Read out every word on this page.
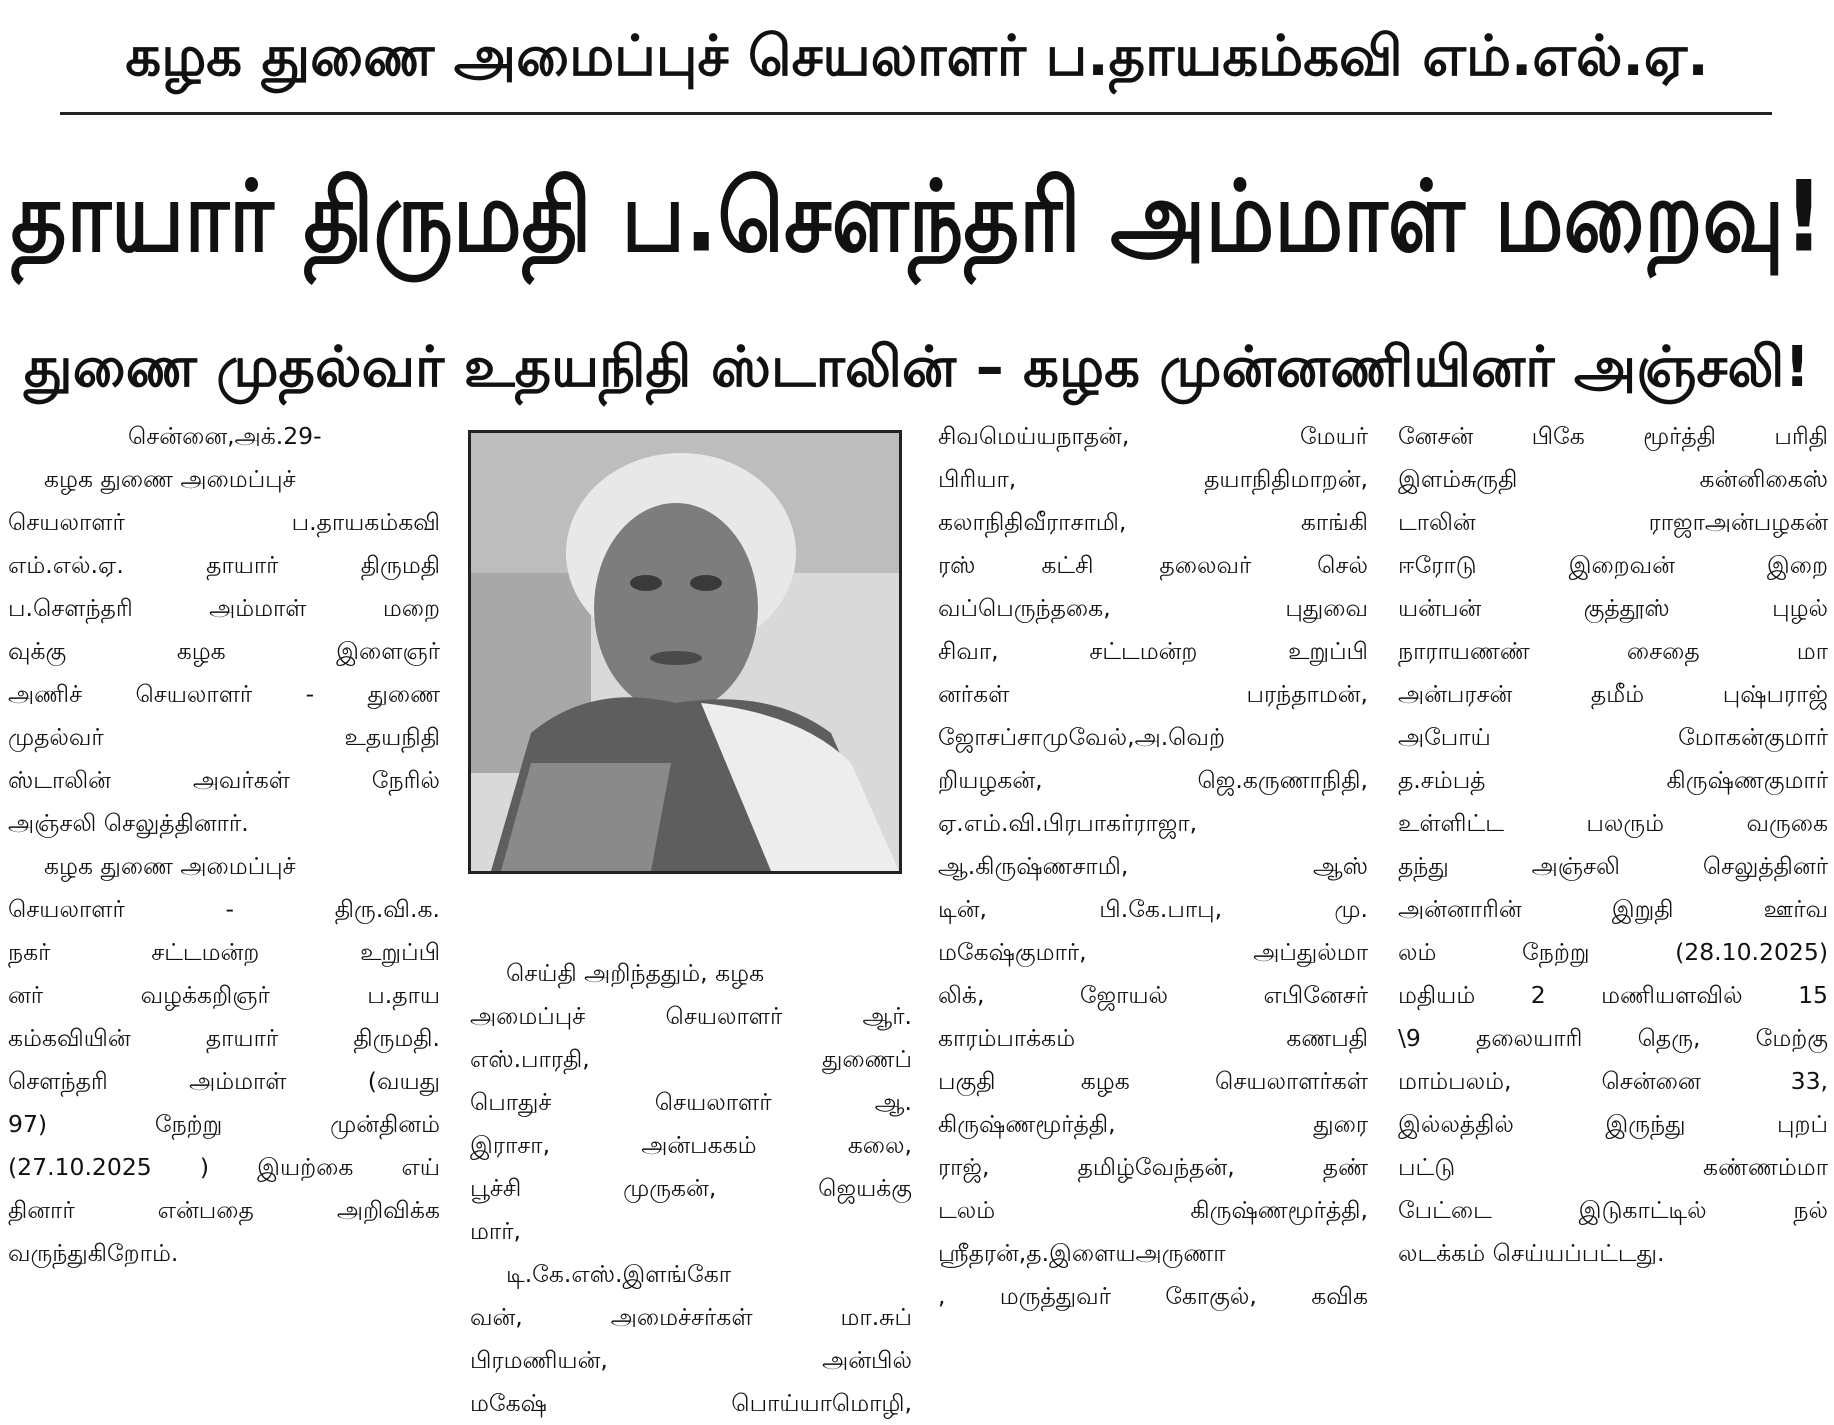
கழக துணை அமைப்புச் செயலாளர் ப.தாயகம்கவி எம்.எல்.ஏ.
தாயார் திருமதி ப.சௌந்தரி அம்மாள் மறைவு!
துணை முதல்வர் உதயநிதி ஸ்டாலின் – கழக முன்னணியினர் அஞ்சலி!
சென்னை,அக்.29-
கழக துணை அமைப்புச்
செயலாளர் ப.தாயகம்கவி
எம்.எல்.ஏ. தாயார் திருமதி
ப.சௌந்தரி அம்மாள் மறை
வுக்கு கழக இளைஞர்
அணிச் செயலாளர் - துணை
முதல்வர் உதயநிதி
ஸ்டாலின் அவர்கள் நேரில்
அஞ்சலி செலுத்தினார்.
கழக துணை அமைப்புச்
செயலாளர் - திரு.வி.க.
நகர் சட்டமன்ற உறுப்பி
னர் வழக்கறிஞர் ப.தாய
கம்கவியின் தாயார் திருமதி.
சௌந்தரி அம்மாள் (வயது
97) நேற்று முன்தினம்
(27.10.2025 ) இயற்கை எய்
தினார் என்பதை அறிவிக்க
வருந்துகிறோம்.
செய்தி அறிந்ததும், கழக
அமைப்புச் செயலாளர் ஆர்.
எஸ்.பாரதி, துணைப்
பொதுச் செயலாளர் ஆ.
இராசா, அன்பககம் கலை,
பூச்சி முருகன், ஜெயக்கு
மார்,
டி.கே.எஸ்.இளங்கோ
வன், அமைச்சர்கள் மா.சுப்
பிரமணியன், அன்பில்
மகேஷ் பொய்யாமொழி,
சிவமெய்யநாதன், மேயர்
பிரியா, தயாநிதிமாறன்,
கலாநிதிவீராசாமி, காங்கி
ரஸ் கட்சி தலைவர் செல்
வப்பெருந்தகை, புதுவை
சிவா, சட்டமன்ற உறுப்பி
னர்கள் பரந்தாமன்,
ஜோசப்சாமுவேல்,அ.வெற்
றியழகன், ஜெ.கருணாநிதி,
ஏ.எம்.வி.பிரபாகர்ராஜா,
ஆ.கிருஷ்ணசாமி, ஆஸ்
டின், பி.கே.பாபு, மு.
மகேஷ்குமார், அப்துல்மா
லிக், ஜோயல் எபினேசர்
காரம்பாக்கம் கணபதி
பகுதி கழக செயலாளர்கள்
கிருஷ்ணமூர்த்தி, துரை
ராஜ், தமிழ்வேந்தன், தண்
டலம் கிருஷ்ணமூர்த்தி,
ஸ்ரீதரன்,த.இளையஅருணா
, மருத்துவர் கோகுல், கவிக
னேசன் பிகே மூர்த்தி பரிதி
இளம்சுருதி கன்னிகைஸ்
டாலின் ராஜாஅன்பழகன்
ஈரோடு இறைவன் இறை
யன்பன் குத்தூஸ் புழல்
நாராயணண் சைதை மா
அன்பரசன் தமீம் புஷ்பராஜ்
அபோய் மோகன்குமார்
த.சம்பத் கிருஷ்ணகுமார்
உள்ளிட்ட பலரும் வருகை
தந்து அஞ்சலி செலுத்தினர்
அன்னாரின் இறுதி ஊர்வ
லம் நேற்று (28.10.2025)
மதியம் 2 மணியளவில் 15
\9 தலையாரி தெரு, மேற்கு
மாம்பலம், சென்னை 33,
இல்லத்தில் இருந்து புறப்
பட்டு கண்ணம்மா
பேட்டை இடுகாட்டில் நல்
லடக்கம் செய்யப்பட்டது.
